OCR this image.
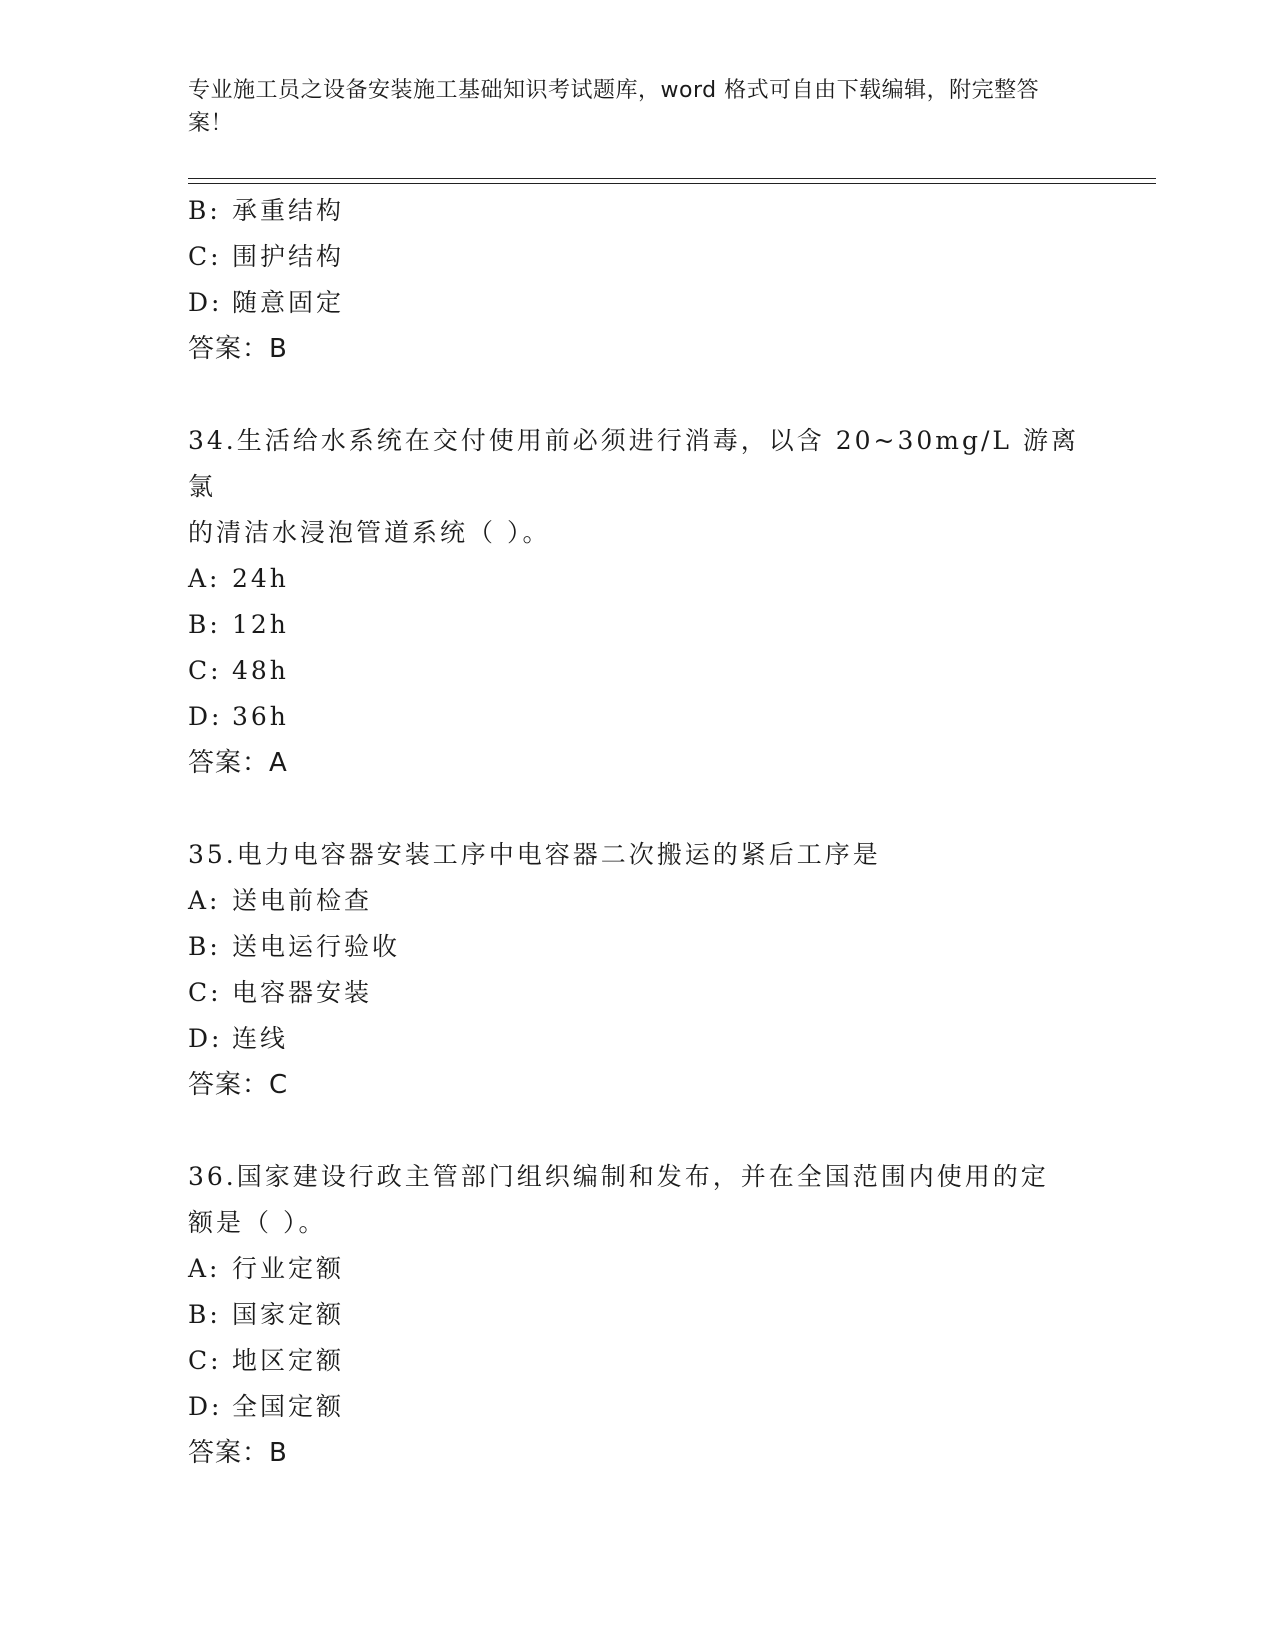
专业施工员之设备安装施工基础知识考试题库，word 格式可自由下载编辑，附完整答案！
B: 承重结构
C: 围护结构
D: 随意固定
答案：B
34.生活给水系统在交付使用前必须进行消毒，以含 20~30mg/L 游离氯
的清洁水浸泡管道系统（ ）。
A: 24h
B: 12h
C: 48h
D: 36h
答案：A
35.电力电容器安装工序中电容器二次搬运的紧后工序是
A: 送电前检查
B: 送电运行验收
C: 电容器安装
D: 连线
答案：C
36.国家建设行政主管部门组织编制和发布，并在全国范围内使用的定
额是（ ）。
A: 行业定额
B: 国家定额
C: 地区定额
D: 全国定额
答案：B
